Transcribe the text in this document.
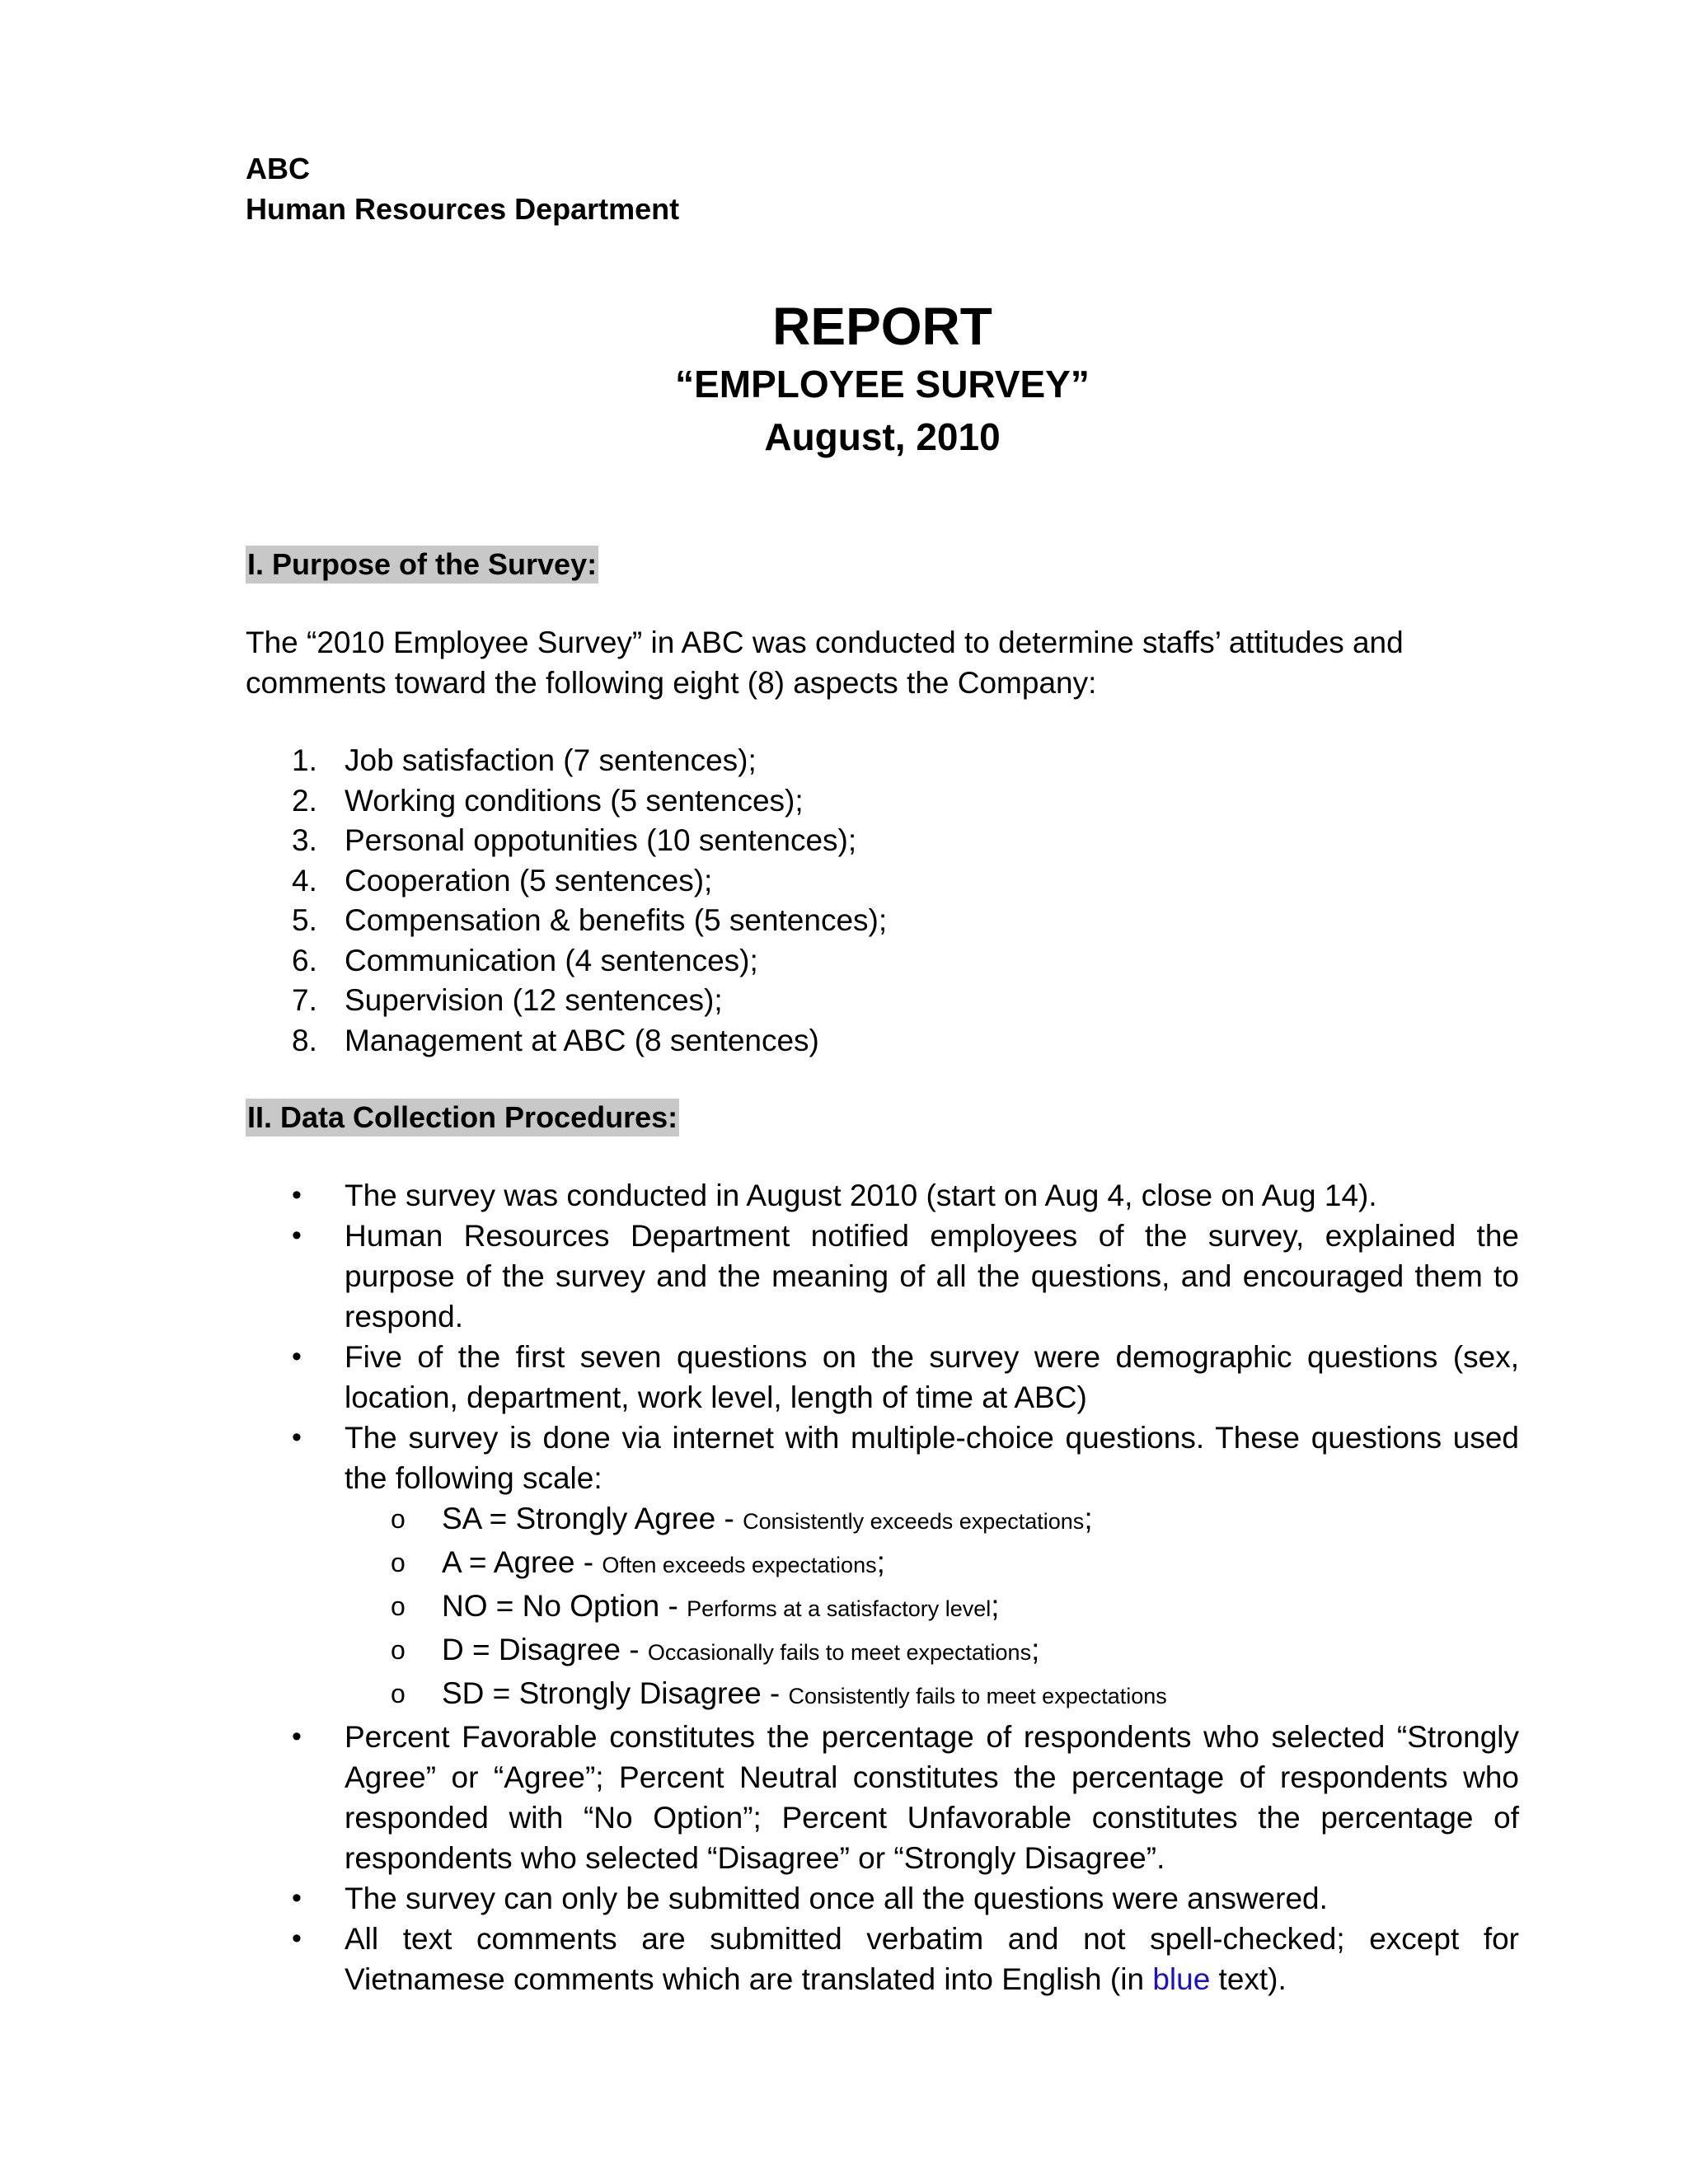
ABC
Human Resources Department
REPORT
“EMPLOYEE SURVEY”
August, 2010
I. Purpose of the Survey:
The “2010 Employee Survey” in ABC was conducted to determine staffs’ attitudes and comments toward the following eight (8) aspects the Company:
1. Job satisfaction (7 sentences);
2. Working conditions (5 sentences);
3. Personal oppotunities (10 sentences);
4. Cooperation (5 sentences);
5. Compensation & benefits (5 sentences);
6. Communication (4 sentences);
7. Supervision (12 sentences);
8. Management at ABC (8 sentences)
II. Data Collection Procedures:
• The survey was conducted in August 2010 (start on Aug 4, close on Aug 14).
• Human Resources Department notified employees of the survey, explained the purpose of the survey and the meaning of all the questions, and encouraged them to respond.
• Five of the first seven questions on the survey were demographic questions (sex, location, department, work level, length of time at ABC)
• The survey is done via internet with multiple-choice questions. These questions used the following scale:
o SA = Strongly Agree - Consistently exceeds expectations;
o A = Agree - Often exceeds expectations;
o NO = No Option - Performs at a satisfactory level;
o D = Disagree - Occasionally fails to meet expectations;
o SD = Strongly Disagree - Consistently fails to meet expectations
• Percent Favorable constitutes the percentage of respondents who selected “Strongly Agree” or “Agree”; Percent Neutral constitutes the percentage of respondents who responded with “No Option”; Percent Unfavorable constitutes the percentage of respondents who selected “Disagree” or “Strongly Disagree”.
• The survey can only be submitted once all the questions were answered.
• All text comments are submitted verbatim and not spell-checked; except for Vietnamese comments which are translated into English (in blue text).
